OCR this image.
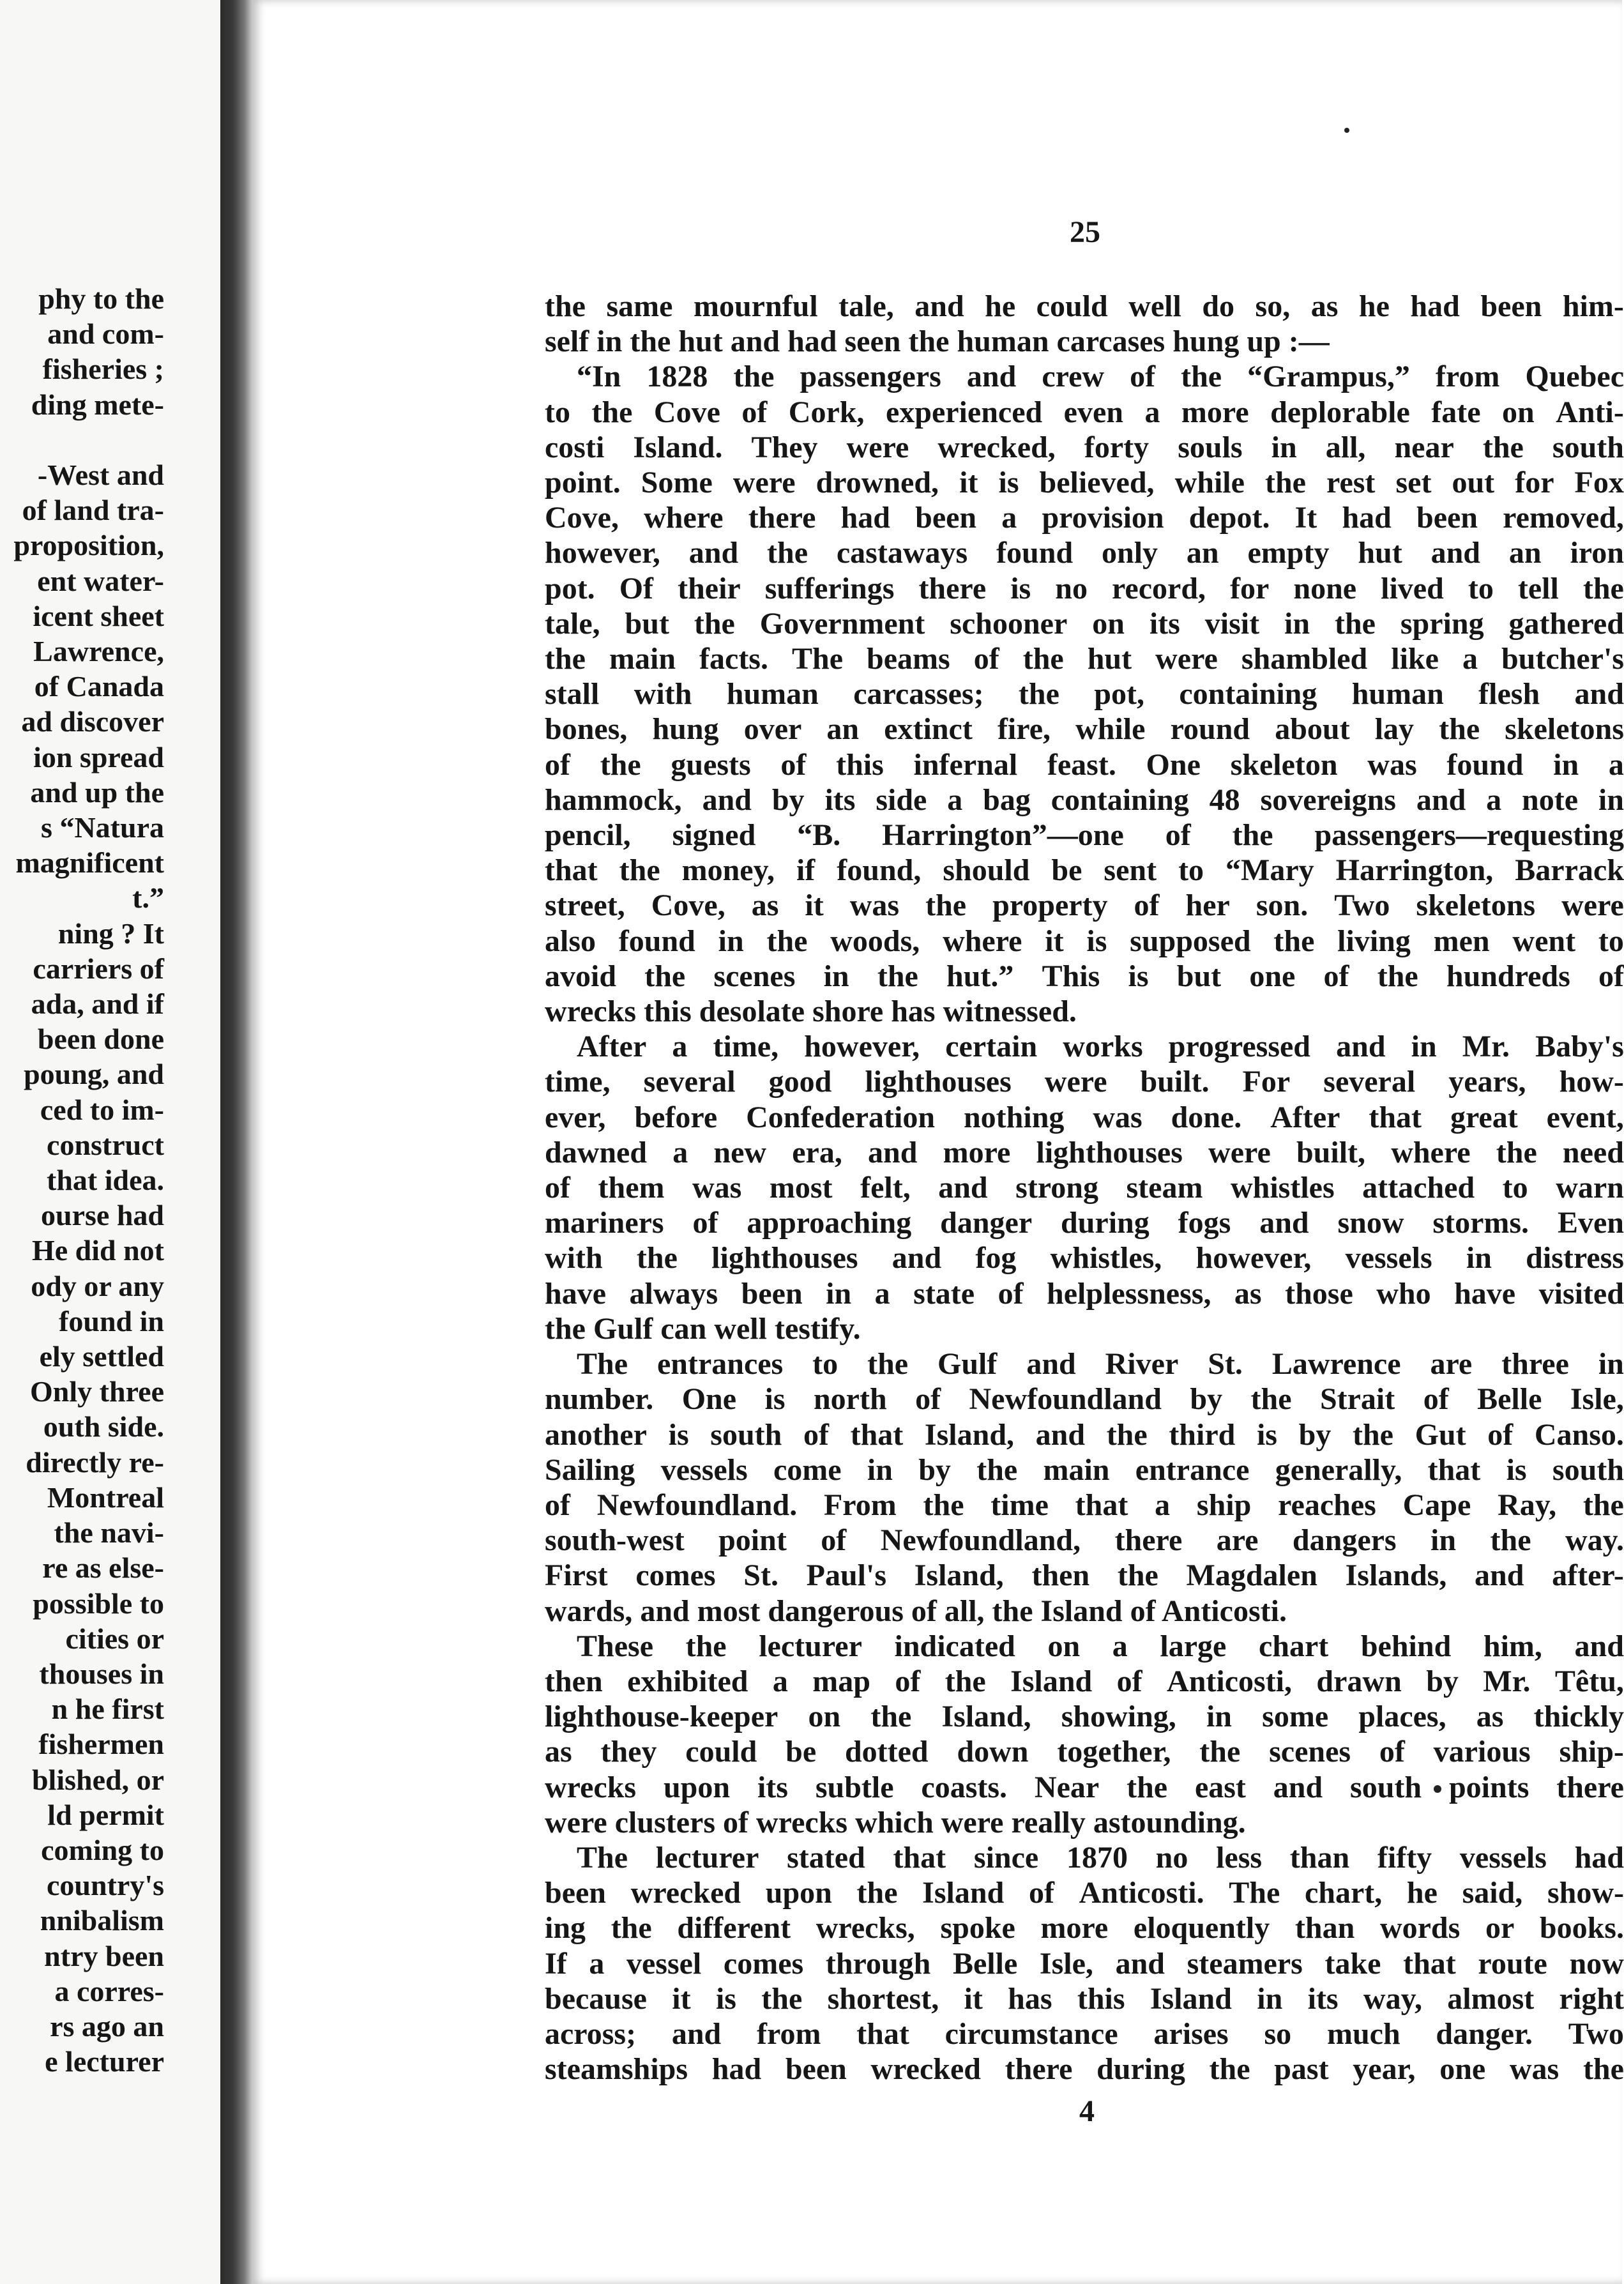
phy to the
and com-
fisheries ;
ding mete-
-West and
of land tra-
proposition,
ent water-
icent sheet
Lawrence,
of Canada
ad discover
ion spread
and up the
s “Natura
magnificent
t.”
ning ? It
carriers of
ada, and if
been done
poung, and
ced to im-
construct
that idea.
ourse had
He did not
ody or any
found in
ely settled
Only three
outh side.
directly re-
Montreal
the navi-
re as else-
possible to
cities or
thouses in
n he first
fishermen
blished, or
ld permit
coming to
country's
nnibalism
ntry been
a corres-
rs ago an
e lecturer
25
the same mournful tale, and he could well do so, as he had been him-
self in the hut and had seen the human carcases hung up :—
“In 1828 the passengers and crew of the “Grampus,” from Quebec
to the Cove of Cork, experienced even a more deplorable fate on Anti-
costi Island. They were wrecked, forty souls in all, near the south
point. Some were drowned, it is believed, while the rest set out for Fox
Cove, where there had been a provision depot. It had been removed,
however, and the castaways found only an empty hut and an iron
pot. Of their sufferings there is no record, for none lived to tell the
tale, but the Government schooner on its visit in the spring gathered
the main facts. The beams of the hut were shambled like a butcher's
stall with human carcasses; the pot, containing human flesh and
bones, hung over an extinct fire, while round about lay the skeletons
of the guests of this infernal feast. One skeleton was found in a
hammock, and by its side a bag containing 48 sovereigns and a note in
pencil, signed “B. Harrington”—one of the passengers—requesting
that the money, if found, should be sent to “Mary Harrington, Barrack
street, Cove, as it was the property of her son. Two skeletons were
also found in the woods, where it is supposed the living men went to
avoid the scenes in the hut.” This is but one of the hundreds of
wrecks this desolate shore has witnessed.
After a time, however, certain works progressed and in Mr. Baby's
time, several good lighthouses were built. For several years, how-
ever, before Confederation nothing was done. After that great event,
dawned a new era, and more lighthouses were built, where the need
of them was most felt, and strong steam whistles attached to warn
mariners of approaching danger during fogs and snow storms. Even
with the lighthouses and fog whistles, however, vessels in distress
have always been in a state of helplessness, as those who have visited
the Gulf can well testify.
The entrances to the Gulf and River St. Lawrence are three in
number. One is north of Newfoundland by the Strait of Belle Isle,
another is south of that Island, and the third is by the Gut of Canso.
Sailing vessels come in by the main entrance generally, that is south
of Newfoundland. From the time that a ship reaches Cape Ray, the
south-west point of Newfoundland, there are dangers in the way.
First comes St. Paul's Island, then the Magdalen Islands, and after-
wards, and most dangerous of all, the Island of Anticosti.
These the lecturer indicated on a large chart behind him, and
then exhibited a map of the Island of Anticosti, drawn by Mr. Têtu,
lighthouse-keeper on the Island, showing, in some places, as thickly
as they could be dotted down together, the scenes of various ship-
wrecks upon its subtle coasts. Near the east and south points there
were clusters of wrecks which were really astounding.
The lecturer stated that since 1870 no less than fifty vessels had
been wrecked upon the Island of Anticosti. The chart, he said, show-
ing the different wrecks, spoke more eloquently than words or books.
If a vessel comes through Belle Isle, and steamers take that route now
because it is the shortest, it has this Island in its way, almost right
across; and from that circumstance arises so much danger. Two
steamships had been wrecked there during the past year, one was the
4
